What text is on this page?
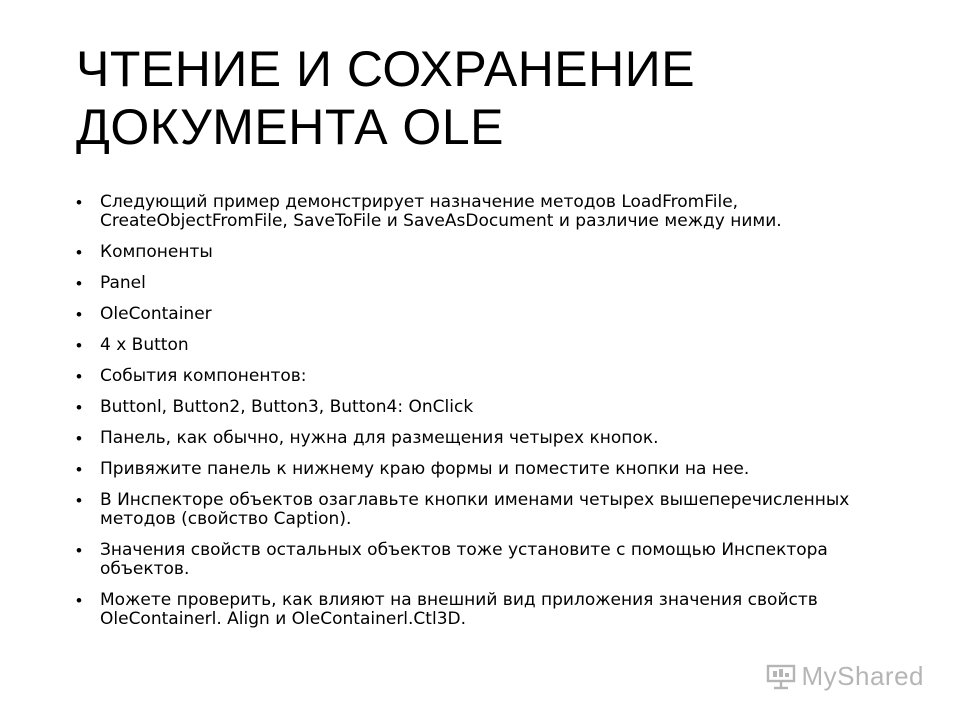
ЧТЕНИЕ И СОХРАНЕНИЕ
ДОКУМЕНТА OLE
•	Следующий пример демонстрирует назначение методов LoadFromFile, CreateObjectFromFile, SaveToFile и SaveAsDocument и различие между ними.
•	Компоненты
•	Panel
•	OleContainer
•	4 x Button
•	События компонентов:
•	Buttonl, Button2, Button3, Button4: OnClick
•	Панель, как обычно, нужна для размещения четырех кнопок.
•	Привяжите панель к нижнему краю формы и поместите кнопки на нее.
•	В Инспекторе объектов озаглавьте кнопки именами четырех вышеперечисленных методов (свойство Caption).
•	Значения свойств остальных объектов тоже установите с помощью Инспектора объектов.
•	Можете проверить, как влияют на внешний вид приложения значения свойств OleContainerl. Align и OleContainerl.Ctl3D.
MyShared
